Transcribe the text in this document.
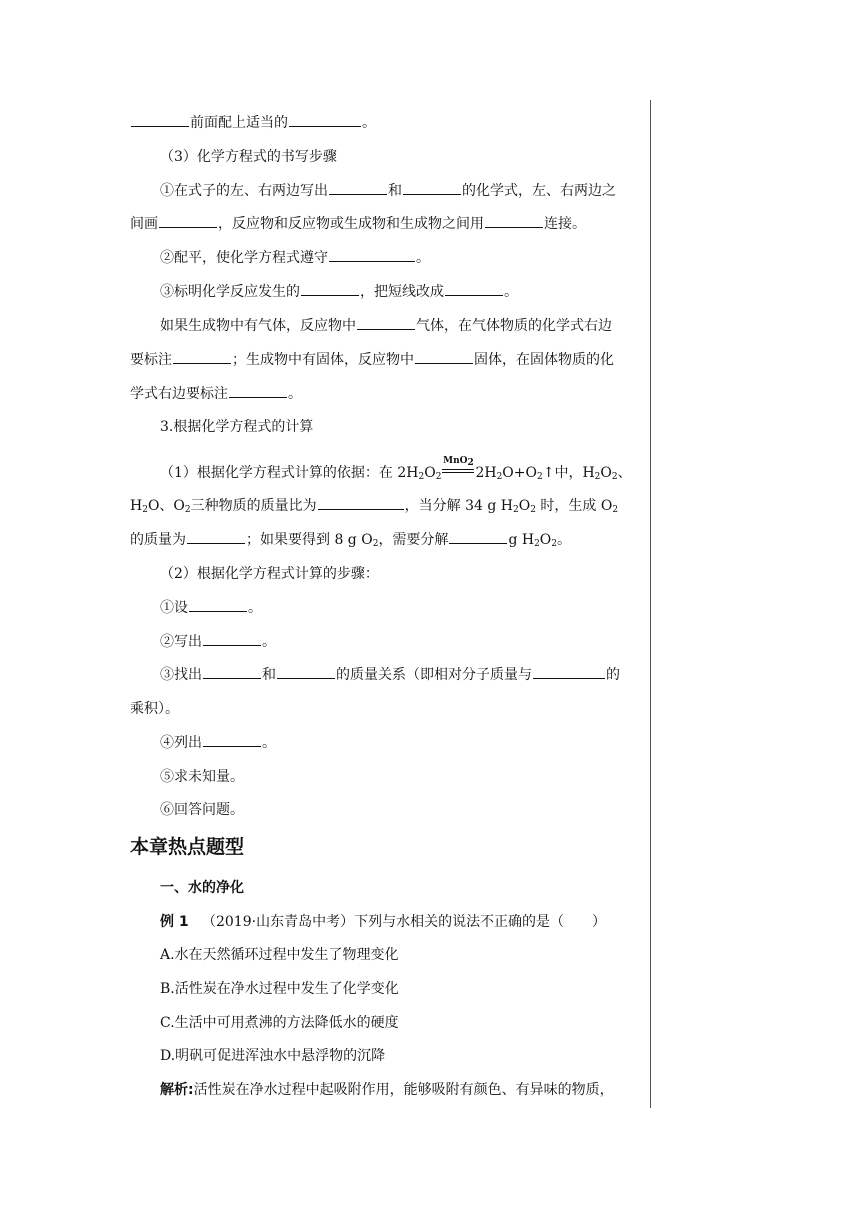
前面配上适当的	。
（3）化学方程式的书写步骤
①在式子的左、右两边写出	和	的化学式，左、右两边之
间画	，反应物和反应物或生成物和生成物之间用	连接。
②配平，使化学方程式遵守	。
③标明化学反应发生的	，把短线改成	。
如果生成物中有气体，反应物中	气体，在气体物质的化学式右边
要标注	；生成物中有固体，反应物中	固体，在固体物质的化
学式右边要标注	。
3.根据化学方程式的计算
（1）根据化学方程式计算的依据：在 $2H_2O_2$
MnO$_2$
$2H_2O+O_2↑$中，$H_2O_2$、
$H_2O$、$O_2$三种物质的质量比为	，当分解 34 g $H_2O_2$ 时，生成 $O_2$
的质量为	；如果要得到 8 g $O_2$，需要分解	g $H_2O_2$。
（2）根据化学方程式计算的步骤：
①设	。
②写出	。
③找出	和	的质量关系（即相对分子质量与	的
乘积）。
④列出	。
⑤求未知量。
⑥回答问题。
本章热点题型
一、水的净化
例 1 （2019·山东青岛中考）下列与水相关的说法不正确的是（　　）
A.水在天然循环过程中发生了物理变化
B.活性炭在净水过程中发生了化学变化
C.生活中可用煮沸的方法降低水的硬度
D.明矾可促进浑浊水中悬浮物的沉降
解析:活性炭在净水过程中起吸附作用，能够吸附有颜色、有异味的物质，
